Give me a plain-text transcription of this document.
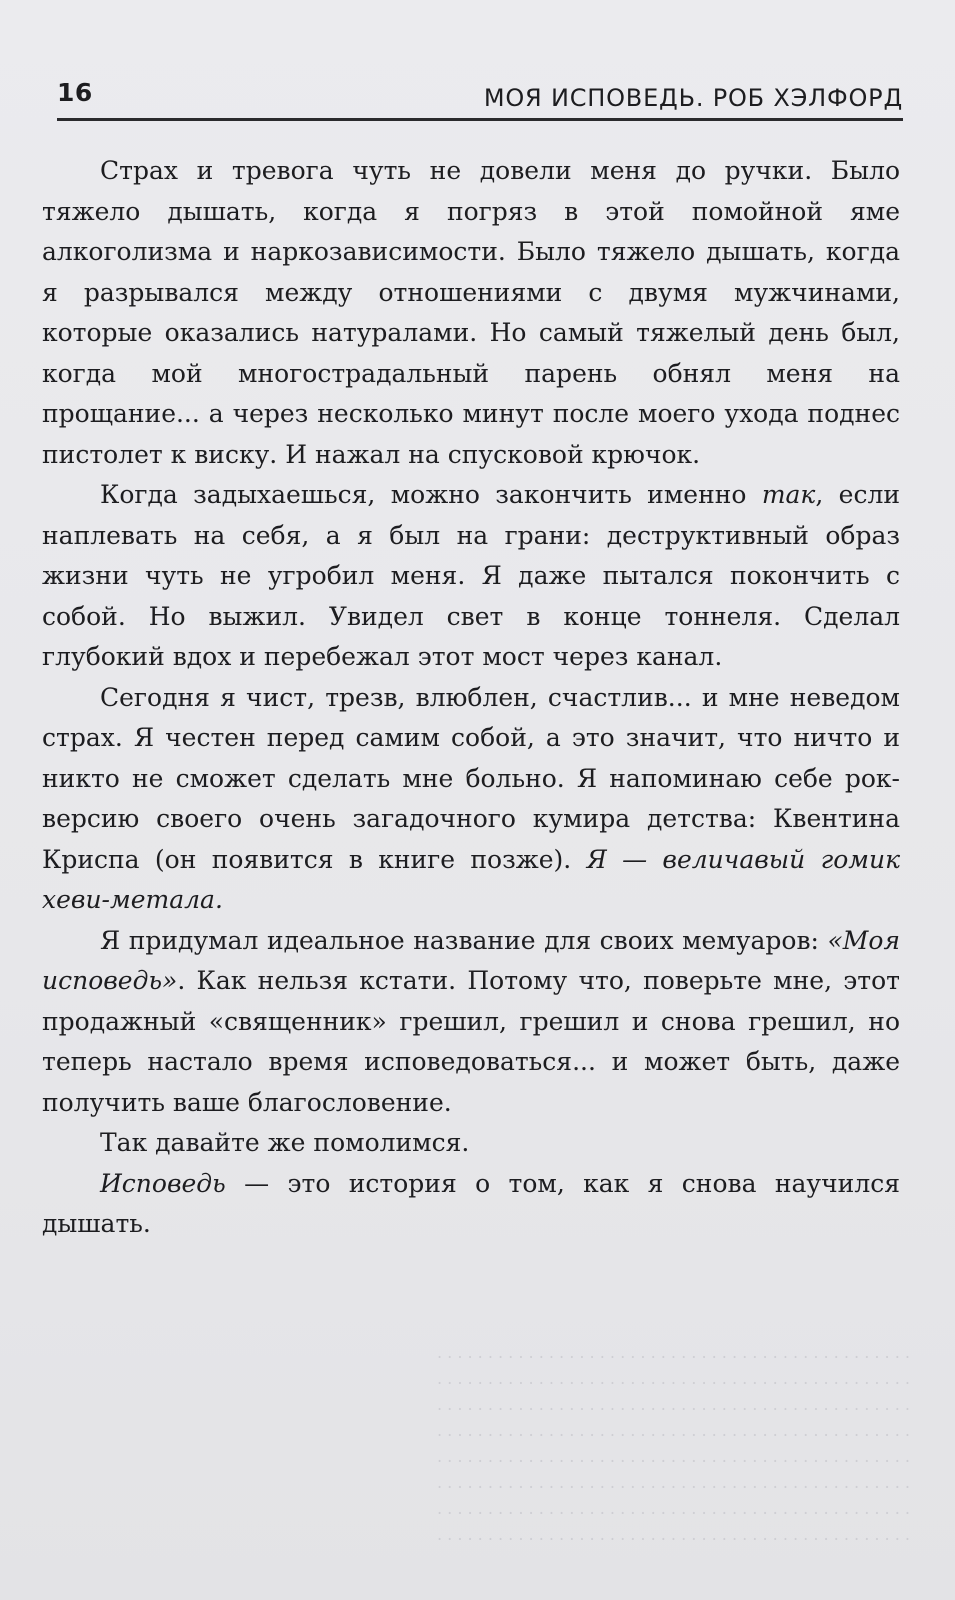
. . . . . . . . . . . . . . . . . . . . . . . . . . . . . . . . . . . . . . . . . . . . . . .
. . . . . . . . . . . . . . . . . . . . . . . . . . . . . . . . . . . . . . . . . . . . . . .
. . . . . . . . . . . . . . . . . . . . . . . . . . . . . . . . . . . . . . . . . . . . . . .
. . . . . . . . . . . . . . . . . . . . . . . . . . . . . . . . . . . . . . . . . . . . . . .
. . . . . . . . . . . . . . . . . . . . . . . . . . . . . . . . . . . . . . . . . . . . . . .
. . . . . . . . . . . . . . . . . . . . . . . . . . . . . . . . . . . . . . . . . . . . . . .
. . . . . . . . . . . . . . . . . . . . . . . . . . . . . . . . . . . . . . . . . . . . . . .
. . . . . . . . . . . . . . . . . . . . . . . . . . . . . . . . . . . . . . . . . . . . . . .
16	МОЯ ИСПОВЕДЬ. РОБ ХЭЛФОРД

Страх и тревога чуть не довели меня до ручки. Было тяжело дышать, когда я погряз в этой помойной яме алкоголизма и наркозависимости. Было тяжело дышать, когда я разрывался между отношениями с двумя мужчинами, которые оказались натуралами. Но самый тяжелый день был, когда мой многострадальный парень обнял меня на прощание... а через несколько минут после моего ухода поднес пистолет к виску. И нажал на спусковой крючок.

Когда задыхаешься, можно закончить именно так, если наплевать на себя, а я был на грани: деструктивный образ жизни чуть не угробил меня. Я даже пытался покончить с собой. Но выжил. Увидел свет в конце тоннеля. Сделал глубокий вдох и перебежал этот мост через канал.

Сегодня я чист, трезв, влюблен, счастлив... и мне неведом страх. Я честен перед самим собой, а это значит, что ничто и никто не сможет сделать мне больно. Я напоминаю себе рок-версию своего очень загадочного кумира детства: Квентина Криспа (он появится в книге позже). Я — величавый гомик хеви-метала.

Я придумал идеальное название для своих мемуаров: «Моя исповедь». Как нельзя кстати. Потому что, поверьте мне, этот продажный «священник» грешил, грешил и снова грешил, но теперь настало время исповедоваться... и может быть, даже получить ваше благословение.

Так давайте же помолимся.

Исповедь — это история о том, как я снова научился дышать.
